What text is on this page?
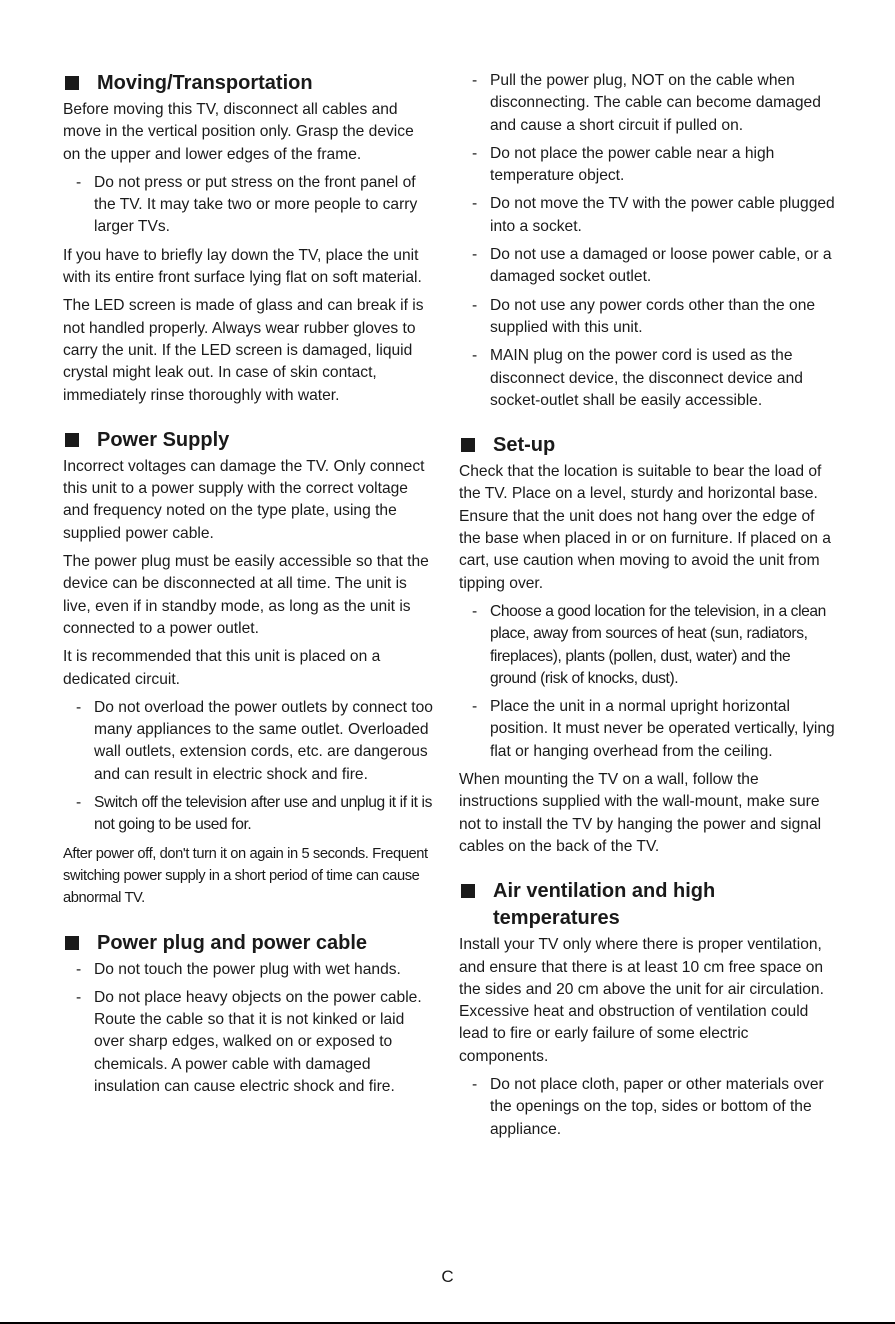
Moving/Transportation

Before moving this TV, disconnect all cables and move in the vertical position only. Grasp the device on the upper and lower edges of the frame.

- Do not press or put stress on the front panel of the TV. It may take two or more people to carry larger TVs.

If you have to briefly lay down the TV, place the unit with its entire front surface lying flat on soft material.

The LED screen is made of glass and can break if is not handled properly. Always wear rubber gloves to carry the unit. If the LED screen is damaged, liquid crystal might leak out. In case of skin contact, immediately rinse thoroughly with water.

Power Supply

Incorrect voltages can damage the TV. Only connect this unit to a power supply with the correct voltage and frequency noted on the type plate, using the supplied power cable.

The power plug must be easily accessible so that the device can be disconnected at all time. The unit is live, even if in standby mode, as long as the unit is connected to a power outlet.

It is recommended that this unit is placed on a dedicated circuit.

- Do not overload the power outlets by connect too many appliances to the same outlet. Overloaded wall outlets, extension cords, etc. are dangerous and can result in electric shock and fire.
- Switch off the television after use and unplug it if it is not going to be used for.

After power off, don't turn it on again in 5 seconds. Frequent switching power supply in a short period of time can cause abnormal TV.

Power plug and power cable
- Do not touch the power plug with wet hands.
- Do not place heavy objects on the power cable. Route the cable so that it is not kinked or laid over sharp edges, walked on or exposed to chemicals. A power cable with damaged insulation can cause electric shock and fire.
- Pull the power plug, NOT on the cable when disconnecting. The cable can become damaged and cause a short circuit if pulled on.
- Do not place the power cable near a high temperature object.
- Do not move the TV with the power cable plugged into a socket.
- Do not use a damaged or loose power cable, or a damaged socket outlet.
- Do not use any power cords other than the one supplied with this unit.
- MAIN plug on the power cord is used as the disconnect device, the disconnect device and socket-outlet shall be easily accessible.
Set-up

Check that the location is suitable to bear the load of the TV. Place on a level, sturdy and horizontal base. Ensure that the unit does not hang over the edge of the base when placed in or on furniture. If placed on a cart, use caution when moving to avoid the unit from tipping over.

- Choose a good location for the television, in a clean place, away from sources of heat (sun, radiators, fireplaces), plants (pollen, dust, water) and the ground (risk of knocks, dust).
- Place the unit in a normal upright horizontal position. It must never be operated vertically, lying flat or hanging overhead from the ceiling.

When mounting the TV on a wall, follow the instructions supplied with the wall-mount, make sure not to install the TV by hanging the power and signal cables on the back of the TV.

Air ventilation and high
temperatures

Install your TV only where there is proper ventilation, and ensure that there is at least 10 cm free space on the sides and 20 cm above the unit for air circulation. Excessive heat and obstruction of ventilation could lead to fire or early failure of some electric components.

- Do not place cloth, paper or other materials over the openings on the top, sides or bottom of the appliance.
C
